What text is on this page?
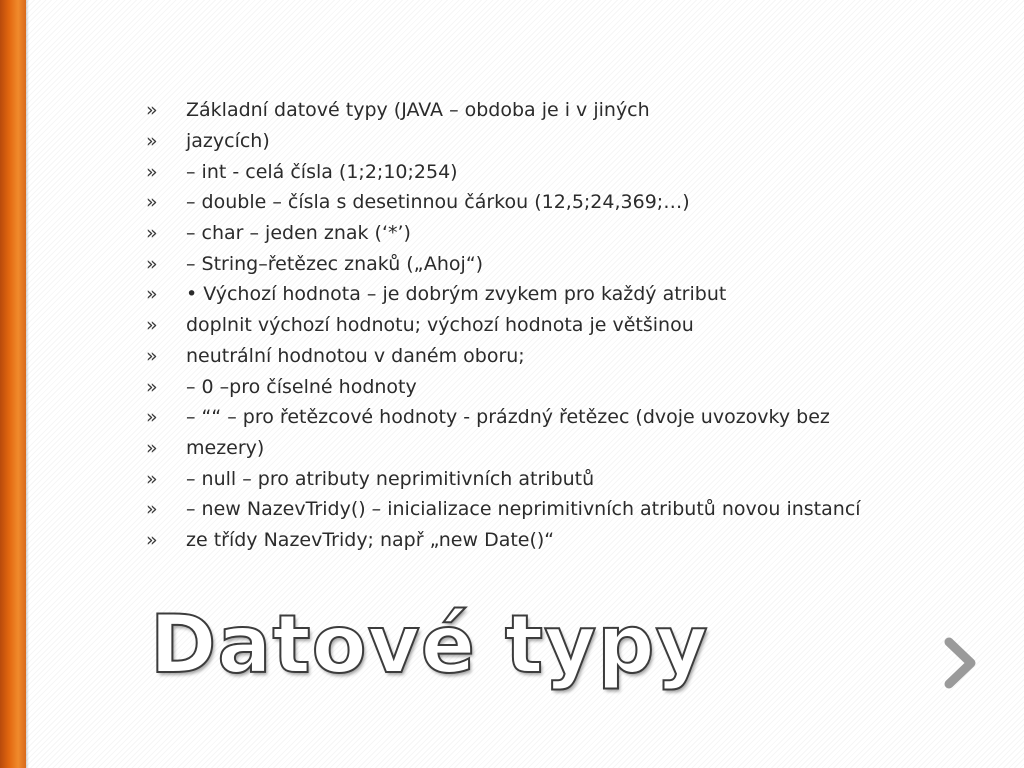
»	Základní datové typy (JAVA – obdoba je i v jiných
»	jazycích)
»	– int - celá čísla (1;2;10;254)
»	– double – čísla s desetinnou čárkou (12,5;24,369;…)
»	– char – jeden znak (‘*’)
»	– String–řetězec znaků („Ahoj“)
»	• Výchozí hodnota – je dobrým zvykem pro každý atribut
»	doplnit výchozí hodnotu; výchozí hodnota je většinou
»	neutrální hodnotou v daném oboru;
»	– 0 –pro číselné hodnoty
»	– ““ – pro řetězcové hodnoty - prázdný řetězec (dvoje uvozovky bez
»	mezery)
»	– null – pro atributy neprimitivních atributů
»	– new NazevTridy() – inicializace neprimitivních atributů novou instancí
»	ze třídy NazevTridy; např „new Date()“
Datové typy
